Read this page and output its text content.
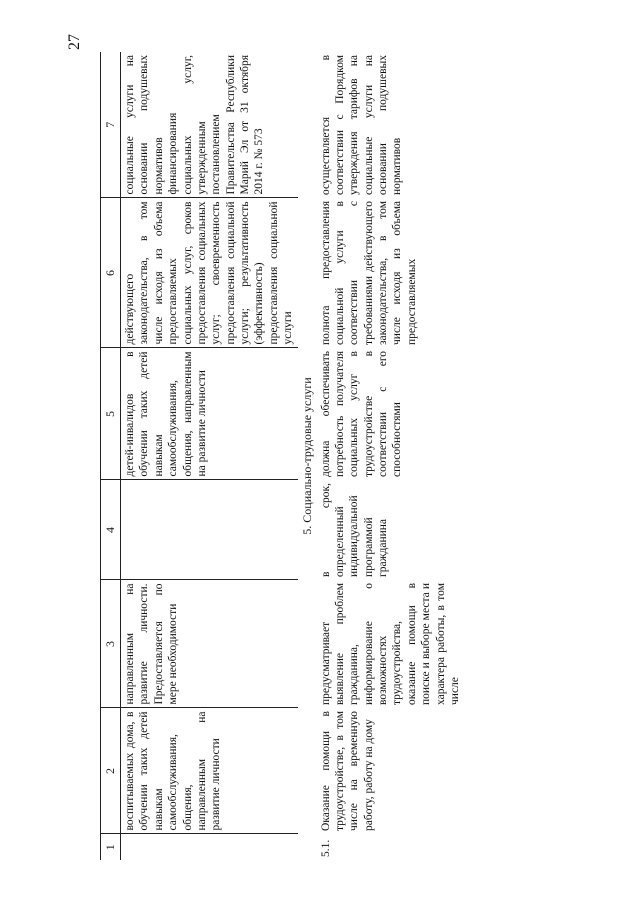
27
1	2	3	4	5	6	7
	воспитываемых дома, в обучении таких детей навыкам самообслуживания, общения, направленным на развитие личности	направленным на развитие личности. Предоставляется по мере необходимости		детей-инвалидов в обучении таких детей навыкам самообслуживания, общения, направленным на развитие личности	действующего законодательства, в том числе исходя из объема предоставляемых социальных услуг, сроков предоставления социальных услуг; своевременность предоставления социальной услуги; результативность (эффективность) предоставления социальной услуги	социальные услуги на основании подушевых нормативов финансирования социальных услуг, утвержденным постановлением Правительства Республики Марий Эл от 31 октября 2014 г. № 573
5. Социально-трудовые услуги						
5.1.	Оказание помощи в трудоустройстве, в том числе на временную работу, работу на дому	предусматривает выявление проблем гражданина, информирование о возможностях трудоустройства, оказание помощи в поиске и выборе места и характера работы, в том числе	в срок, определенный индивидуальной программой гражданина	должна обеспечивать потребность получателя социальных услуг в трудоустройстве в соответствии с его способностями	полнота предоставления социальной услуги в соответствии с требованиями действующего законодательства, в том числе исходя из объема предоставляемых	осуществляется в соответствии с Порядком утверждения тарифов на социальные услуги на основании подушевых нормативов
